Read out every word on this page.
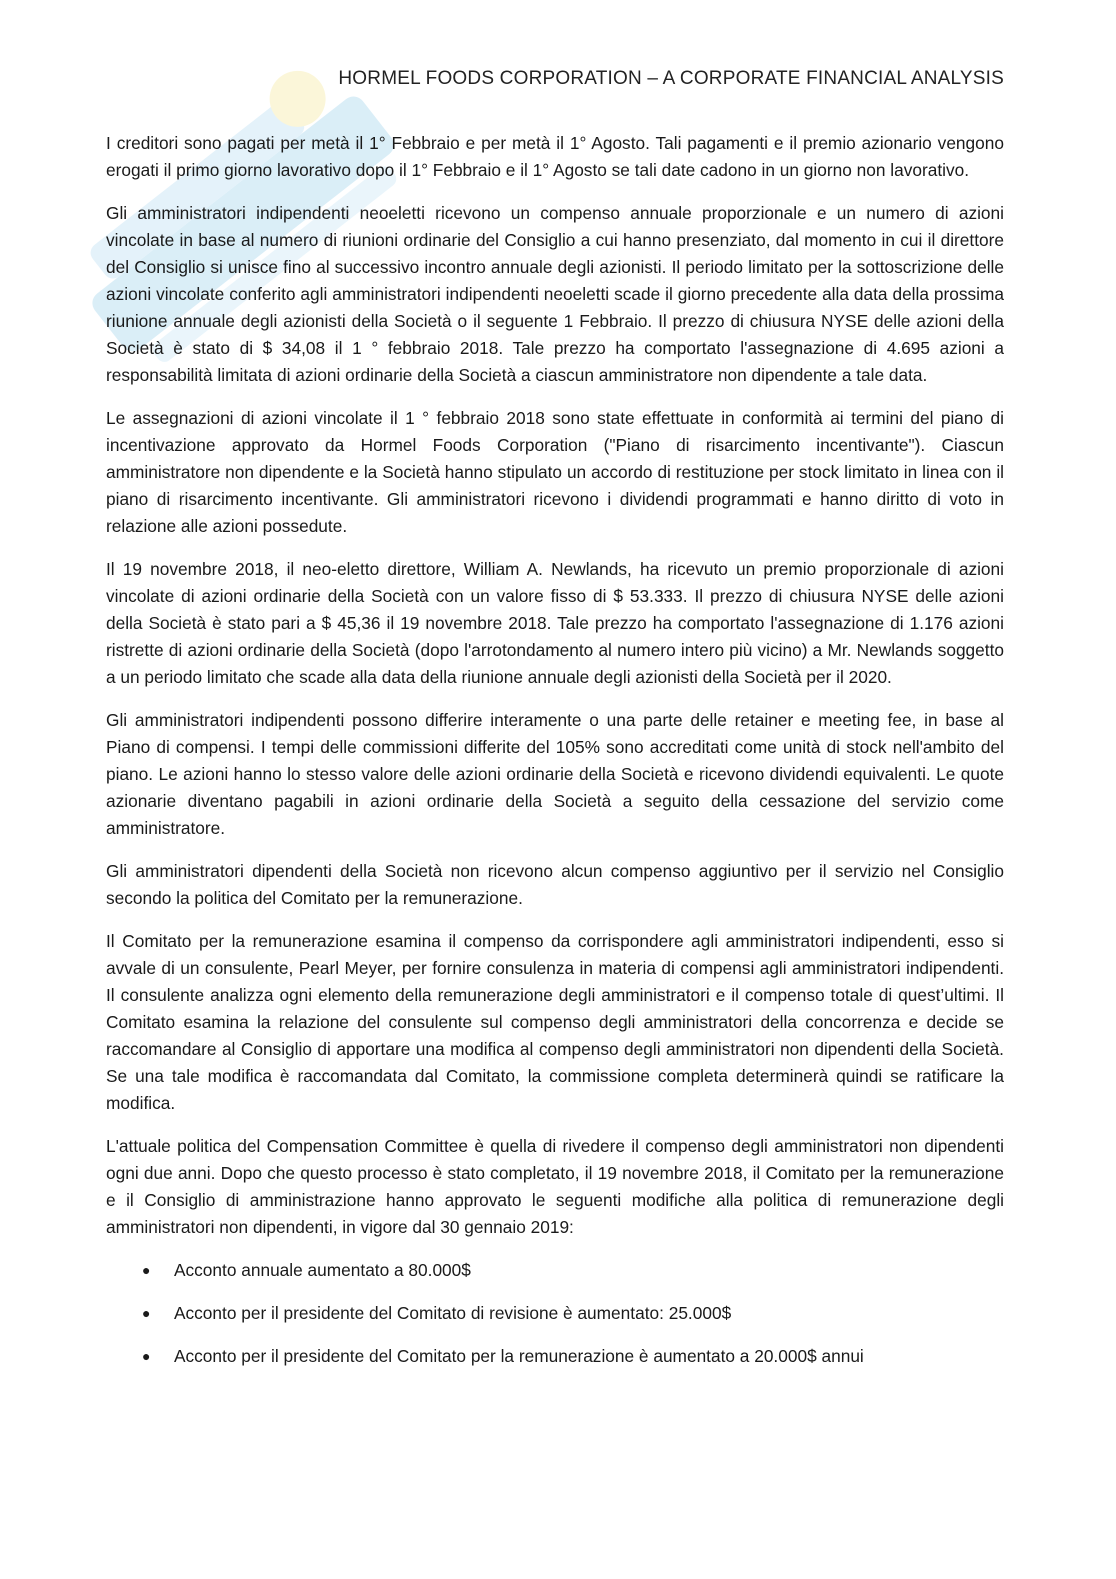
HORMEL FOODS CORPORATION – A CORPORATE FINANCIAL ANALYSIS

I creditori sono pagati per metà il 1° Febbraio e per metà il 1° Agosto. Tali pagamenti e il premio azionario vengono erogati il primo giorno lavorativo dopo il 1° Febbraio e il 1° Agosto se tali date cadono in un giorno non lavorativo.

Gli amministratori indipendenti neoeletti ricevono un compenso annuale proporzionale e un numero di azioni vincolate in base al numero di riunioni ordinarie del Consiglio a cui hanno presenziato, dal momento in cui il direttore del Consiglio si unisce fino al successivo incontro annuale degli azionisti. Il periodo limitato per la sottoscrizione delle azioni vincolate conferito agli amministratori indipendenti neoeletti scade il giorno precedente alla data della prossima riunione annuale degli azionisti della Società o il seguente 1 Febbraio. Il prezzo di chiusura NYSE delle azioni della Società è stato di $ 34,08 il 1 ° febbraio 2018. Tale prezzo ha comportato l'assegnazione di 4.695 azioni a responsabilità limitata di azioni ordinarie della Società a ciascun amministratore non dipendente a tale data.

Le assegnazioni di azioni vincolate il 1 ° febbraio 2018 sono state effettuate in conformità ai termini del piano di incentivazione approvato da Hormel Foods Corporation ("Piano di risarcimento incentivante"). Ciascun amministratore non dipendente e la Società hanno stipulato un accordo di restituzione per stock limitato in linea con il piano di risarcimento incentivante. Gli amministratori ricevono i dividendi programmati e hanno diritto di voto in relazione alle azioni possedute.

Il 19 novembre 2018, il neo-eletto direttore, William A. Newlands, ha ricevuto un premio proporzionale di azioni vincolate di azioni ordinarie della Società con un valore fisso di $ 53.333. Il prezzo di chiusura NYSE delle azioni della Società è stato pari a $ 45,36 il 19 novembre 2018. Tale prezzo ha comportato l'assegnazione di 1.176 azioni ristrette di azioni ordinarie della Società (dopo l'arrotondamento al numero intero più vicino) a Mr. Newlands soggetto a un periodo limitato che scade alla data della riunione annuale degli azionisti della Società per il 2020.

Gli amministratori indipendenti possono differire interamente o una parte delle retainer e meeting fee, in base al Piano di compensi. I tempi delle commissioni differite del 105% sono accreditati come unità di stock nell'ambito del piano. Le azioni hanno lo stesso valore delle azioni ordinarie della Società e ricevono dividendi equivalenti. Le quote azionarie diventano pagabili in azioni ordinarie della Società a seguito della cessazione del servizio come amministratore.

Gli amministratori dipendenti della Società non ricevono alcun compenso aggiuntivo per il servizio nel Consiglio secondo la politica del Comitato per la remunerazione.

Il Comitato per la remunerazione esamina il compenso da corrispondere agli amministratori indipendenti, esso si avvale di un consulente, Pearl Meyer, per fornire consulenza in materia di compensi agli amministratori indipendenti. Il consulente analizza ogni elemento della remunerazione degli amministratori e il compenso totale di quest’ultimi. Il Comitato esamina la relazione del consulente sul compenso degli amministratori della concorrenza e decide se raccomandare al Consiglio di apportare una modifica al compenso degli amministratori non dipendenti della Società. Se una tale modifica è raccomandata dal Comitato, la commissione completa determinerà quindi se ratificare la modifica.

L'attuale politica del Compensation Committee è quella di rivedere il compenso degli amministratori non dipendenti ogni due anni. Dopo che questo processo è stato completato, il 19 novembre 2018, il Comitato per la remunerazione e il Consiglio di amministrazione hanno approvato le seguenti modifiche alla politica di remunerazione degli amministratori non dipendenti, in vigore dal 30 gennaio 2019:

● Acconto annuale aumentato a 80.000$
● Acconto per il presidente del Comitato di revisione è aumentato: 25.000$
● Acconto per il presidente del Comitato per la remunerazione è aumentato a 20.000$ annui
